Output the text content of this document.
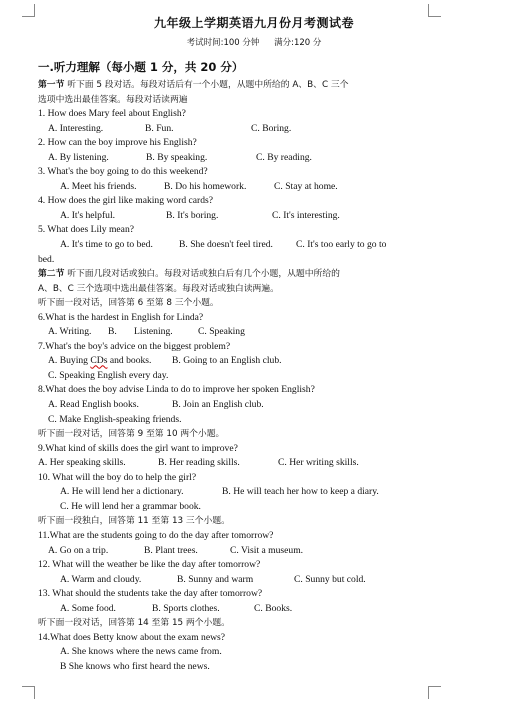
九年级上学期英语九月份月考测试卷
考试时间:100 分钟 满分:120 分
一.听力理解（每小题 1 分，共 20 分）
第一节 听下面 5 段对话。每段对话后有一个小题，从题中所给的 A、B、C 三个
选项中选出最佳答案。每段对话读两遍
1. How does Mary feel about English?
A. Interesting.	B. Fun.	C. Boring.
2. How can the boy improve his English?
A. By listening.	B. By speaking.	C. By reading.
3. What's the boy going to do this weekend?
A. Meet his friends.	B. Do his homework.	C. Stay at home.
4. How does the girl like making word cards?
A. It's helpful.	B. It's boring.	C. It's interesting.
5. What does Lily mean?
A. It's time to go to bed.	B. She doesn't feel tired. C. It's too early to go to
bed.
第二节 听下面几段对话或独白。每段对话或独白后有几个小题，从题中所给的
A、B、C 三个选项中选出最佳答案。每段对话或独白读两遍。
听下面一段对话，回答第 6 至第 8 三个小题。
6.What is the hardest in English for Linda?
A. Writing. B. Listening.	C. Speaking
7.What's the boy's advice on the biggest problem?
A. Buying CDs and books. B. Going to an English club.
C. Speaking English every day.
8.What does the boy advise Linda to do to improve her spoken English?
A. Read English books.	B. Join an English club.
C. Make English-speaking friends.
听下面一段对话，回答第 9 至第 10 两个小题。
9.What kind of skills does the girl want to improve?
A. Her speaking skills.	B. Her reading skills.	C. Her writing skills.
10. What will the boy do to help the girl?
A. He will lend her a dictionary.	B. He will teach her how to keep a diary.
C. He will lend her a grammar book.
听下面一段独白，回答第 11 至第 13 三个小题。
11.What are the students going to do the day after tomorrow?
A. Go on a trip.	B. Plant trees.	C. Visit a museum.
12. What will the weather be like the day after tomorrow?
A. Warm and cloudy.	B. Sunny and warm	C. Sunny but cold.
13. What should the students take the day after tomorrow?
A. Some food.	B. Sports clothes.	C. Books.
听下面一段对话，回答第 14 至第 15 两个小题。
14.What does Betty know about the exam news?
A. She knows where the news came from.
B She knows who first heard the news.
